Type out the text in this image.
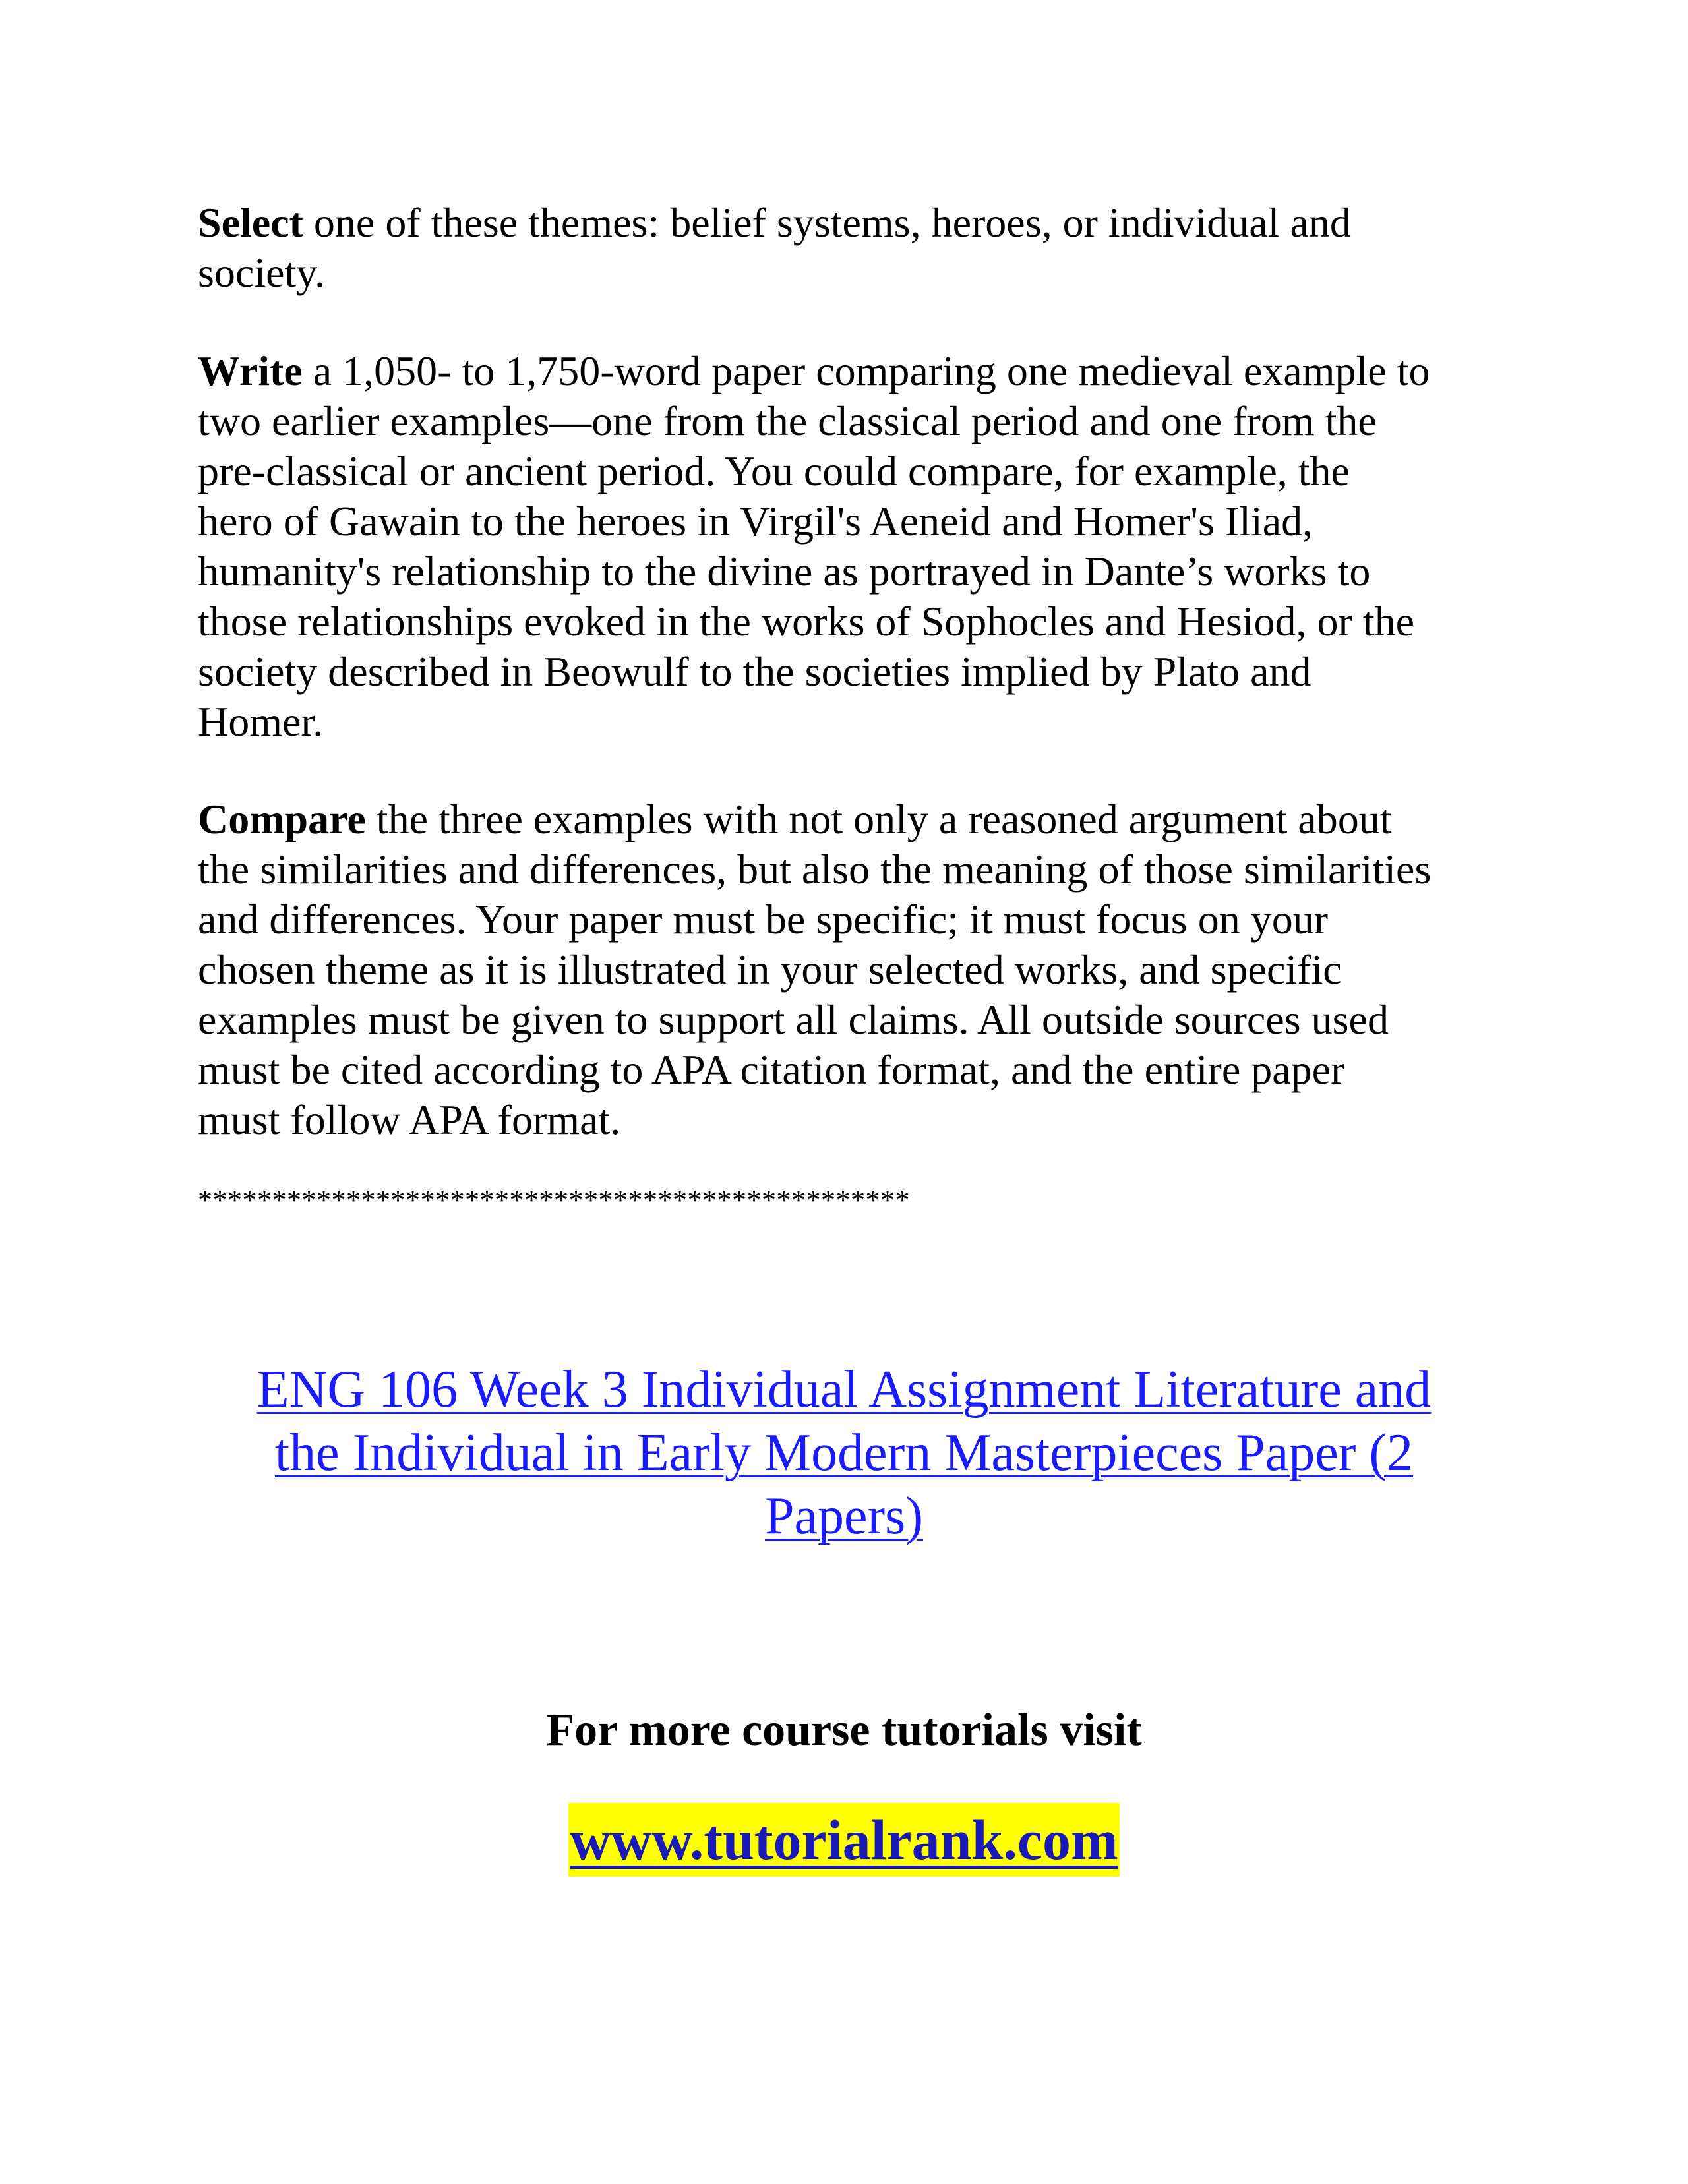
Select one of these themes: belief systems, heroes, or individual and
society.

Write a 1,050- to 1,750-word paper comparing one medieval example to
two earlier examples—one from the classical period and one from the
pre-classical or ancient period. You could compare, for example, the
hero of Gawain to the heroes in Virgil's Aeneid and Homer's Iliad,
humanity's relationship to the divine as portrayed in Dante’s works to
those relationships evoked in the works of Sophocles and Hesiod, or the
society described in Beowulf to the societies implied by Plato and
Homer.

Compare the three examples with not only a reasoned argument about
the similarities and differences, but also the meaning of those similarities
and differences. Your paper must be specific; it must focus on your
chosen theme as it is illustrated in your selected works, and specific
examples must be given to support all claims. All outside sources used
must be cited according to APA citation format, and the entire paper
must follow APA format.

************************************************
ENG 106 Week 3 Individual Assignment Literature and
the Individual in Early Modern Masterpieces Paper (2
Papers)
For more course tutorials visit
www.tutorialrank.com
